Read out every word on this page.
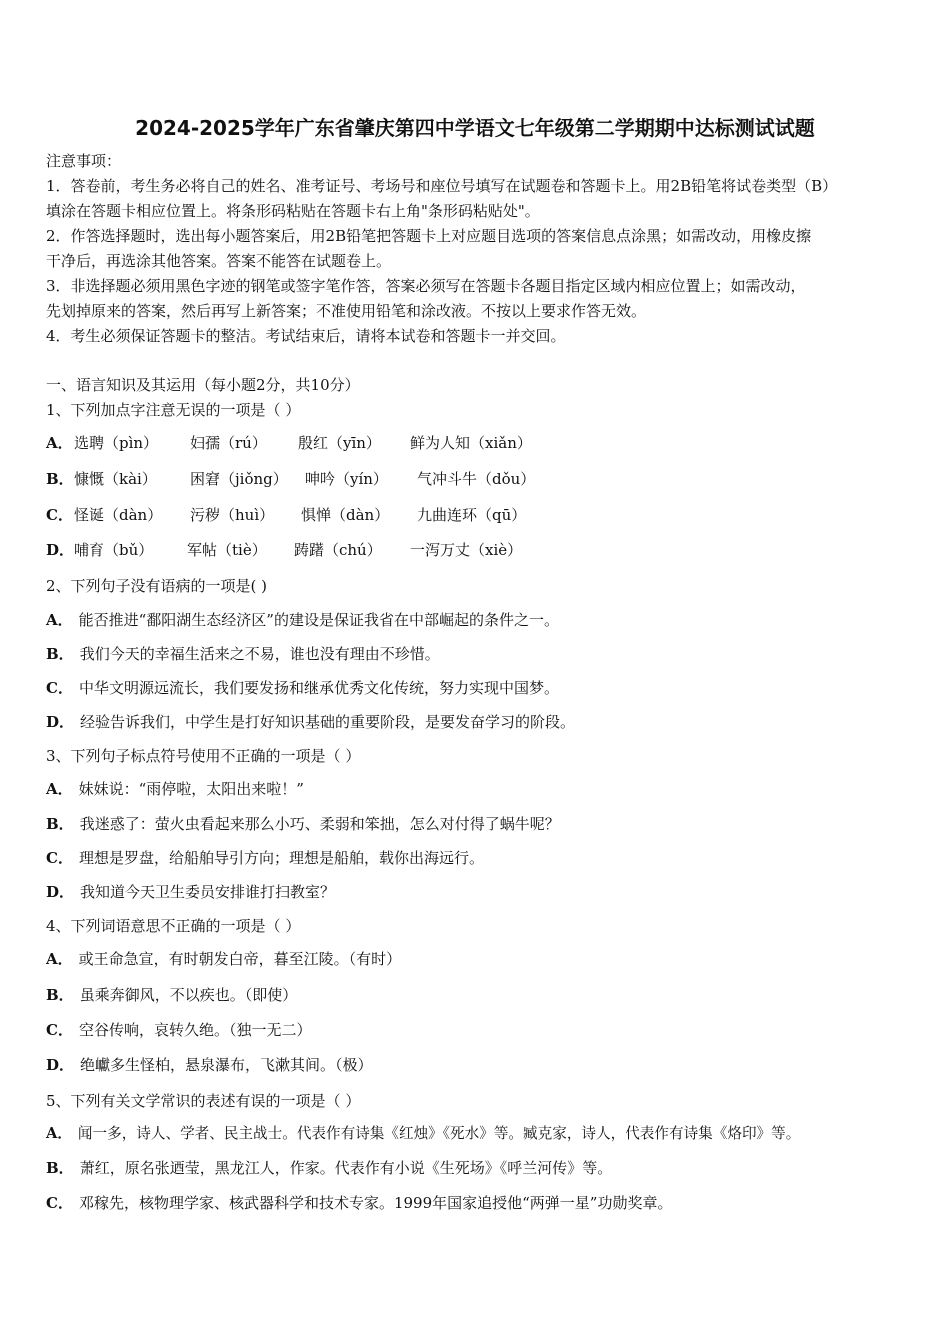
2024-2025学年广东省肇庆第四中学语文七年级第二学期期中达标测试试题
注意事项：
1．答卷前，考生务必将自己的姓名、准考证号、考场号和座位号填写在试题卷和答题卡上。用2B铅笔将试卷类型（B）
填涂在答题卡相应位置上。将条形码粘贴在答题卡右上角"条形码粘贴处"。
2．作答选择题时，选出每小题答案后，用2B铅笔把答题卡上对应题目选项的答案信息点涂黑；如需改动，用橡皮擦
干净后，再选涂其他答案。答案不能答在试题卷上。
3．非选择题必须用黑色字迹的钢笔或签字笔作答，答案必须写在答题卡各题目指定区域内相应位置上；如需改动，
先划掉原来的答案，然后再写上新答案；不准使用铅笔和涂改液。不按以上要求作答无效。
4．考生必须保证答题卡的整洁。考试结束后，请将本试卷和答题卡一并交回。
一、语言知识及其运用（每小题2分，共10分）
1、下列加点字注意无误的一项是（ ）
A． 选聘（pìn） 妇孺（rú） 殷红（yīn） 鲜为人知（xiǎn）
B． 慷慨（kài） 困窘（jiǒng） 呻吟（yín） 气冲斗牛（dǒu）
C． 怪诞（dàn） 污秽（huì） 惧惮（dàn） 九曲连环（qū）
D． 哺育（bǔ） 军帖（tiè） 踌躇（chú） 一泻万丈（xiè）
2、下列句子没有语病的一项是( )
A． 能否推进“鄱阳湖生态经济区”的建设是保证我省在中部崛起的条件之一。
B． 我们今天的幸福生活来之不易，谁也没有理由不珍惜。
C． 中华文明源远流长，我们要发扬和继承优秀文化传统，努力实现中国梦。
D． 经验告诉我们，中学生是打好知识基础的重要阶段，是要发奋学习的阶段。
3、下列句子标点符号使用不正确的一项是（ ）
A． 妹妹说：“雨停啦，太阳出来啦！”
B． 我迷惑了：萤火虫看起来那么小巧、柔弱和笨拙，怎么对付得了蜗牛呢？
C． 理想是罗盘，给船舶导引方向；理想是船舶，载你出海远行。
D． 我知道今天卫生委员安排谁打扫教室？
4、下列词语意思不正确的一项是（ ）
A． 或王命急宣，有时朝发白帝，暮至江陵。（有时）
B． 虽乘奔御风，不以疾也。（即使）
C． 空谷传响，哀转久绝。（独一无二）
D． 绝巘多生怪柏，悬泉瀑布，飞漱其间。（极）
5、下列有关文学常识的表述有误的一项是（ ）
A． 闻一多，诗人、学者、民主战士。代表作有诗集《红烛》《死水》等。臧克家，诗人，代表作有诗集《烙印》等。
B． 萧红，原名张迺莹，黑龙江人，作家。代表作有小说《生死场》《呼兰河传》等。
C． 邓稼先，核物理学家、核武器科学和技术专家。1999年国家追授他“两弹一星”功勋奖章。
